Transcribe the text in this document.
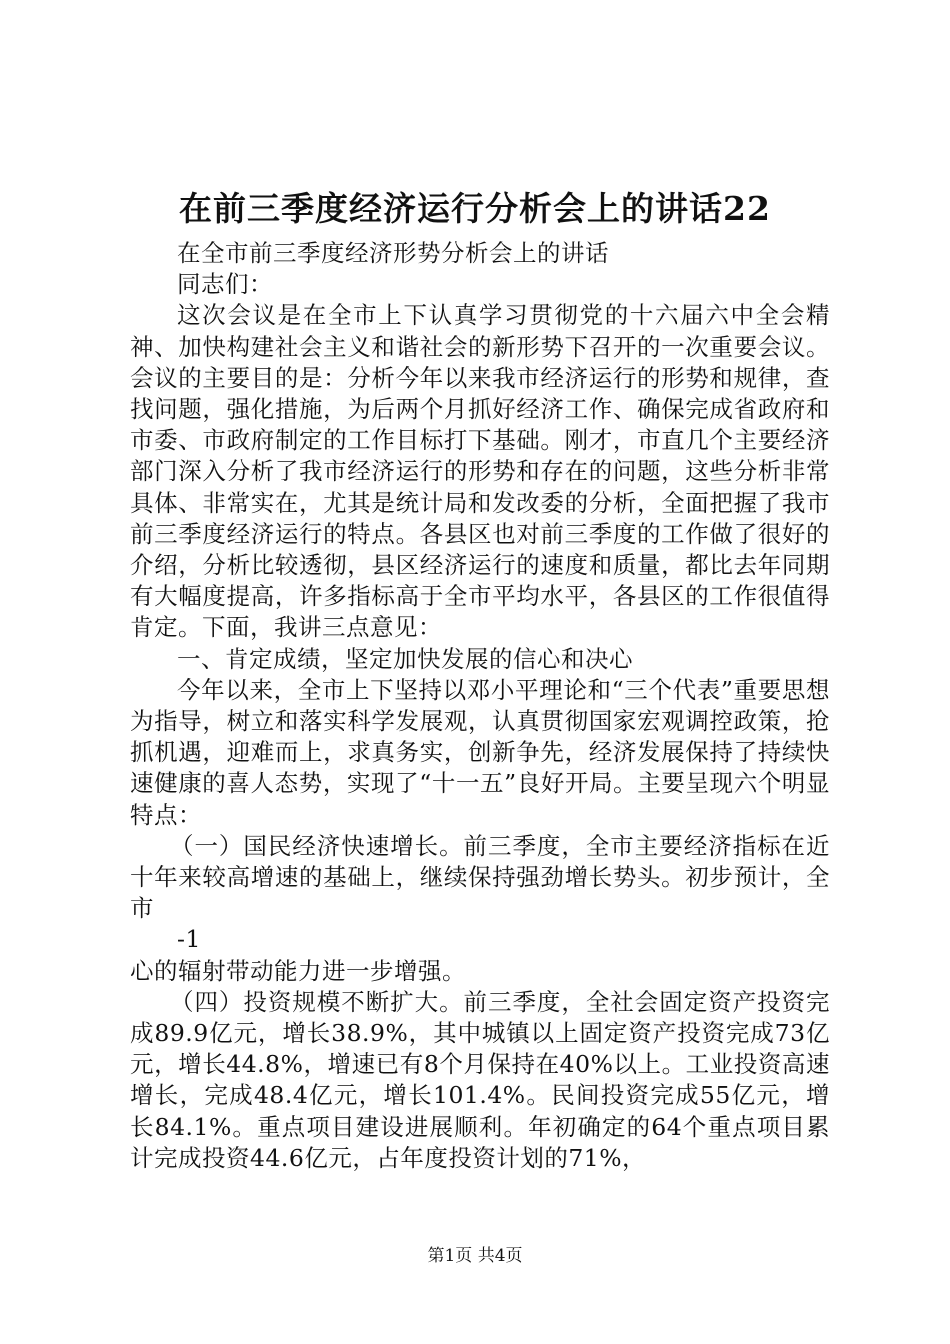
在前三季度经济运行分析会上的讲话22

在全市前三季度经济形势分析会上的讲话

同志们：

这次会议是在全市上下认真学习贯彻党的十六届六中全会精神、加快构建社会主义和谐社会的新形势下召开的一次重要会议。会议的主要目的是：分析今年以来我市经济运行的形势和规律，查找问题，强化措施，为后两个月抓好经济工作、确保完成省政府和市委、市政府制定的工作目标打下基础。刚才，市直几个主要经济部门深入分析了我市经济运行的形势和存在的问题，这些分析非常具体、非常实在，尤其是统计局和发改委的分析，全面把握了我市前三季度经济运行的特点。各县区也对前三季度的工作做了很好的介绍，分析比较透彻，县区经济运行的速度和质量，都比去年同期有大幅度提高，许多指标高于全市平均水平，各县区的工作很值得肯定。下面，我讲三点意见：

一、肯定成绩，坚定加快发展的信心和决心

今年以来，全市上下坚持以邓小平理论和“三个代表”重要思想为指导，树立和落实科学发展观，认真贯彻国家宏观调控政策，抢抓机遇，迎难而上，求真务实，创新争先，经济发展保持了持续快速健康的喜人态势，实现了“十一五”良好开局。主要呈现六个明显特点：

（一）国民经济快速增长。前三季度，全市主要经济指标在近十年来较高增速的基础上，继续保持强劲增长势头。初步预计，全市

-1

心的辐射带动能力进一步增强。

（四）投资规模不断扩大。前三季度，全社会固定资产投资完成89.9亿元，增长38.9%，其中城镇以上固定资产投资完成73亿元，增长44.8%，增速已有8个月保持在40%以上。工业投资高速增长，完成48.4亿元，增长101.4%。民间投资完成55亿元，增长84.1%。重点项目建设进展顺利。年初确定的64个重点项目累计完成投资44.6亿元，占年度投资计划的71%，

第1页 共4页
